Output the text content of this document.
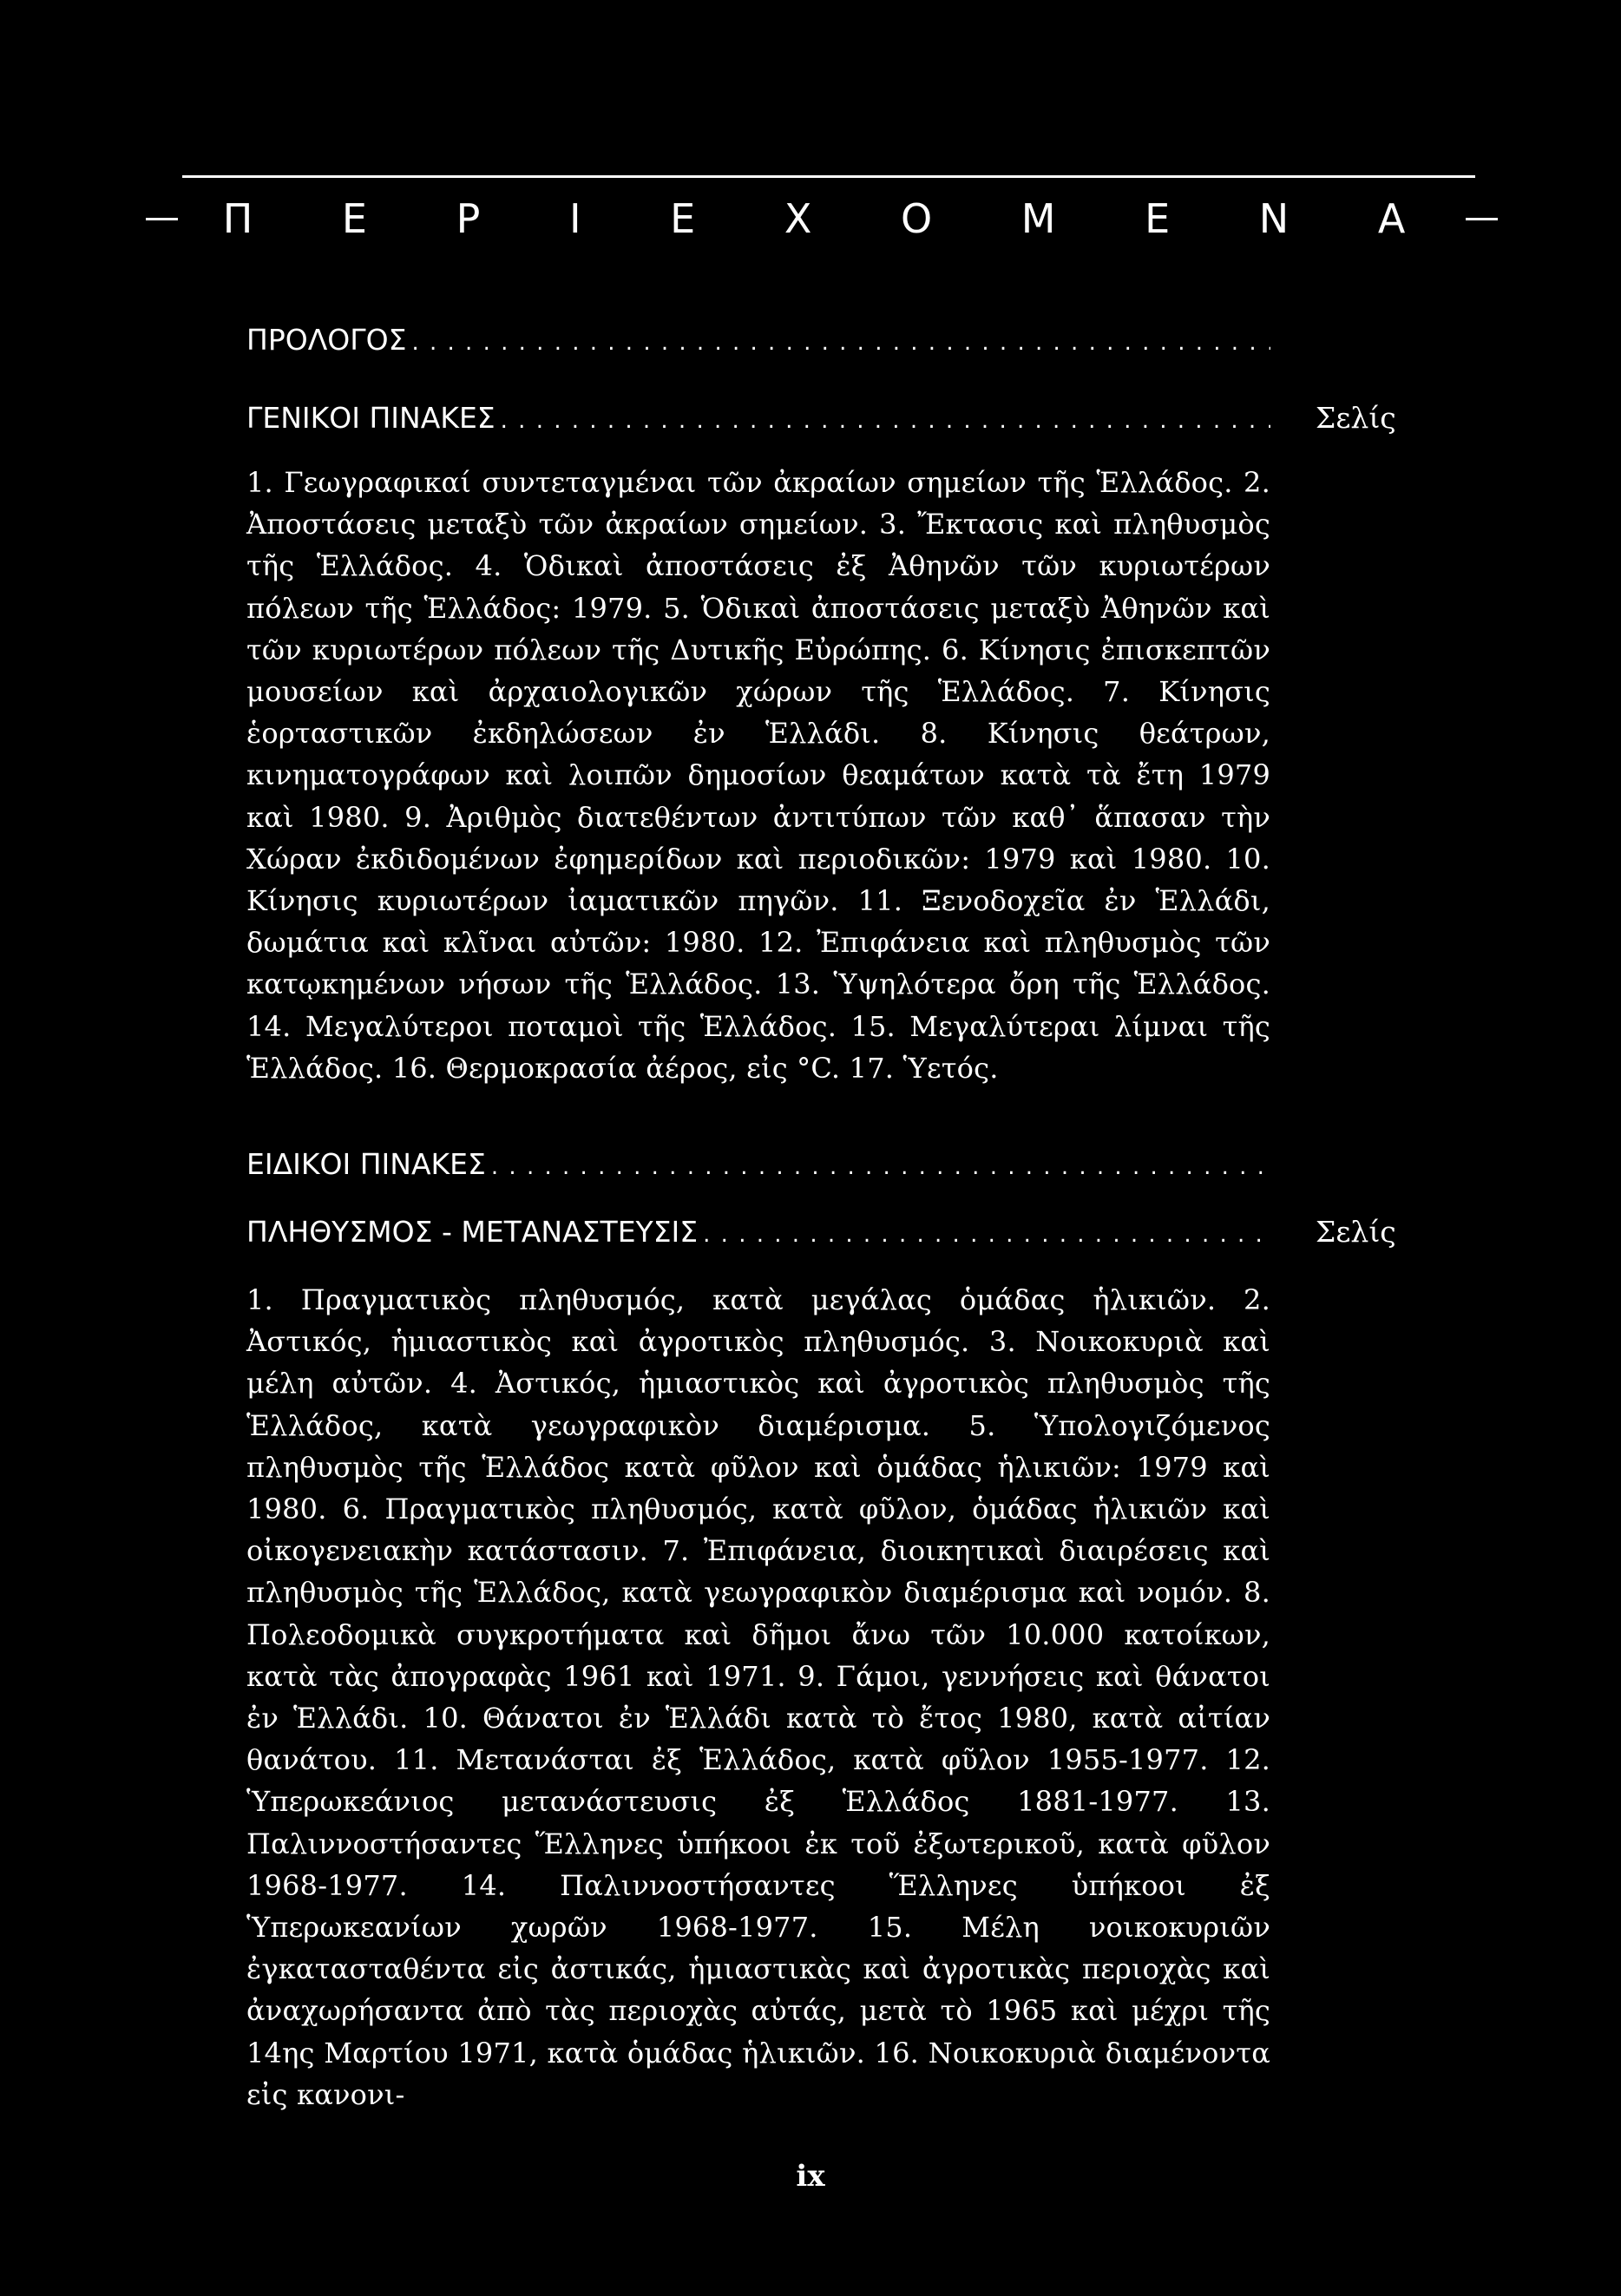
Π Ε Ρ Ι Ε Χ Ο Μ Ε Ν Α
ΠΡΟΛΟΓΟΣ
. . .
ΓΕΝΙΚΟΙ ΠΙΝΑΚΕΣ . . .	Σελίς
1. Γεωγραφικαί συντεταγμέναι τῶν ἀκραίων σημείων τῆς Ἑλλάδος. 2. Ἀποστάσεις μεταξὺ τῶν ἀκραίων σημείων. 3. Ἔκτασις καὶ πληθυσμὸς τῆς Ἑλλάδος. 4. Ὁδικαὶ ἀποστάσεις ἐξ Ἀθηνῶν τῶν κυριωτέρων πόλεων τῆς Ἑλλάδος: 1979. 5. Ὁδικαὶ ἀποστάσεις μεταξὺ Ἀθηνῶν καὶ τῶν κυριωτέρων πόλεων τῆς Δυτικῆς Εὐρώπης. 6. Κίνησις ἐπισκεπτῶν μουσείων καὶ ἀρχαιολογικῶν χώρων τῆς Ἑλλάδος. 7. Κίνησις ἑορταστικῶν ἐκδηλώσεων ἐν Ἑλλάδι. 8. Κίνησις θεάτρων, κινηματογράφων καὶ λοιπῶν δημοσίων θεαμάτων κατὰ τὰ ἔτη 1979 καὶ 1980. 9. Ἀριθμὸς διατεθέντων ἀντιτύπων τῶν καθ᾽ ἅπασαν τὴν Χώραν ἐκδιδομένων ἐφημερίδων καὶ περιοδικῶν: 1979 καὶ 1980. 10. Κίνησις κυριωτέρων ἰαματικῶν πηγῶν. 11. Ξενοδοχεῖα ἐν Ἑλλάδι, δωμάτια καὶ κλῖναι αὐτῶν: 1980. 12. Ἐπιφάνεια καὶ πληθυσμὸς τῶν κατῳκημένων νήσων τῆς Ἑλλάδος. 13. Ὑψηλότερα ὄρη τῆς Ἑλλάδος. 14. Μεγαλύτεροι ποταμοὶ τῆς Ἑλλάδος. 15. Μεγαλύτεραι λίμναι τῆς Ἑλλάδος. 16. Θερμοκρασία ἀέρος, εἰς °C. 17. Ὑετός.
ΕΙΔΙΚΟΙ ΠΙΝΑΚΕΣ
. . .
ΠΛΗΘΥΣΜΟΣ - ΜΕΤΑΝΑΣΤΕΥΣΙΣ . . .	Σελίς
1. Πραγματικὸς πληθυσμός, κατὰ μεγάλας ὁμάδας ἡλικιῶν. 2. Ἀστικός, ἡμιαστικὸς καὶ ἀγροτικὸς πληθυσμός. 3. Νοικοκυριὰ καὶ μέλη αὐτῶν. 4. Ἀστικός, ἡμιαστικὸς καὶ ἀγροτικὸς πληθυσμὸς τῆς Ἑλλάδος, κατὰ γεωγραφικὸν διαμέρισμα. 5. Ὑπολογιζόμενος πληθυσμὸς τῆς Ἑλλάδος κατὰ φῦλον καὶ ὁμάδας ἡλικιῶν: 1979 καὶ 1980. 6. Πραγματικὸς πληθυσμός, κατὰ φῦλον, ὁμάδας ἡλικιῶν καὶ οἰκογενειακὴν κατάστασιν. 7. Ἐπιφάνεια, διοικητικαὶ διαιρέσεις καὶ πληθυσμὸς τῆς Ἑλλάδος, κατὰ γεωγραφικὸν διαμέρισμα καὶ νομόν. 8. Πολεοδομικὰ συγκροτήματα καὶ δῆμοι ἄνω τῶν 10.000 κατοίκων, κατὰ τὰς ἀπογραφὰς 1961 καὶ 1971. 9. Γάμοι, γεννήσεις καὶ θάνατοι ἐν Ἑλλάδι. 10. Θάνατοι ἐν Ἑλλάδι κατὰ τὸ ἔτος 1980, κατὰ αἰτίαν θανάτου. 11. Μετανάσται ἐξ Ἑλλάδος, κατὰ φῦλον 1955-1977. 12. Ὑπερωκεάνιος μετανάστευσις ἐξ Ἑλλάδος 1881-1977. 13. Παλιννοστήσαντες Ἕλληνες ὑπήκοοι ἐκ τοῦ ἐξωτερικοῦ, κατὰ φῦλον 1968-1977. 14. Παλιννοστήσαντες Ἕλληνες ὑπήκοοι ἐξ Ὑπερωκεανίων χωρῶν 1968-1977. 15. Μέλη νοικοκυριῶν ἐγκατασταθέντα εἰς ἀστικάς, ἡμιαστικὰς καὶ ἀγροτικὰς περιοχὰς καὶ ἀναχωρήσαντα ἀπὸ τὰς περιοχὰς αὐτάς, μετὰ τὸ 1965 καὶ μέχρι τῆς 14ης Μαρτίου 1971, κατὰ ὁμάδας ἡλικιῶν. 16. Νοικοκυριὰ διαμένοντα εἰς κανονι-
ix
